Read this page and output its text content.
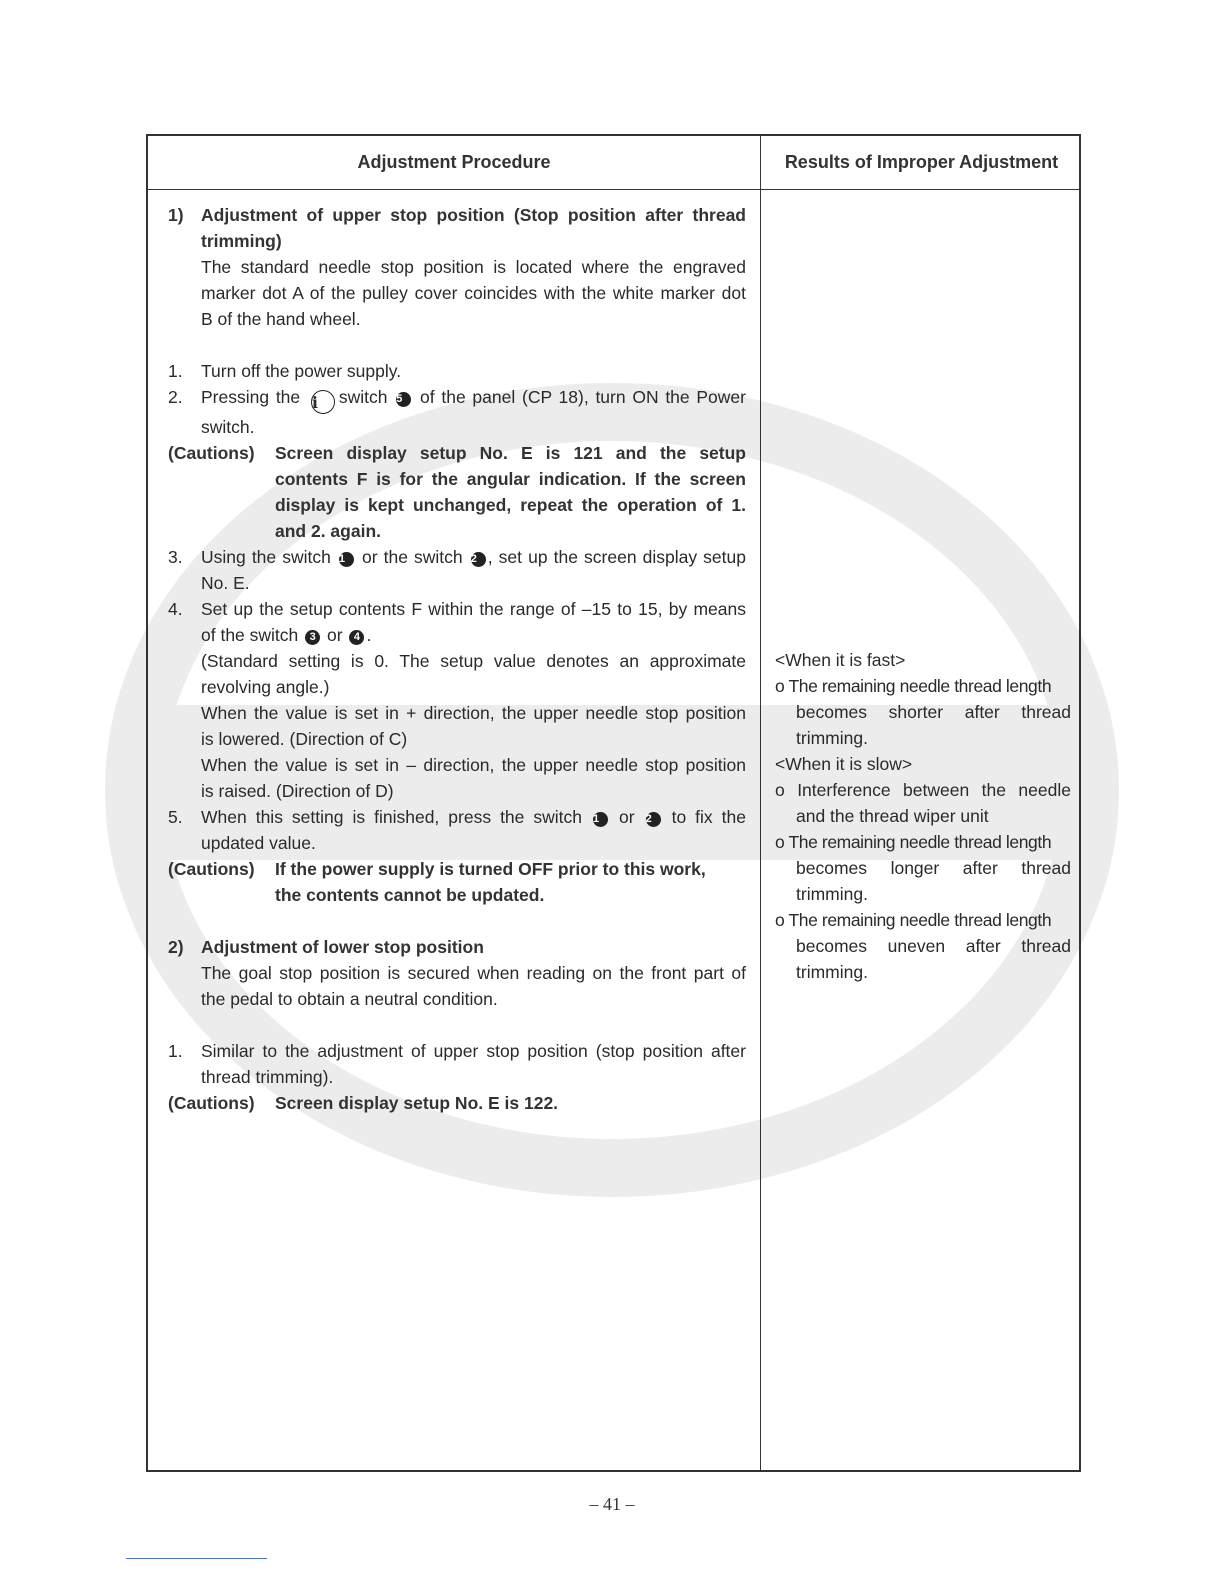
Adjustment Procedure	Results of Improper Adjustment
1) Adjustment of upper stop position (Stop position after thread
trimming)
The standard needle stop position is located where the engraved
marker dot A of the pulley cover coincides with the white marker dot
B of the hand wheel.
1. Turn off the power supply.
2. Pressing the i switch 5 of the panel (CP 18), turn ON the Power
switch.
(Cautions) Screen display setup No. E is 121 and the setup
contents F is for the angular indication. If the screen
display is kept unchanged, repeat the operation of 1.
and 2. again.
3. Using the switch 1 or the switch 2 , set up the screen display setup
No. E.
4. Set up the setup contents F within the range of –15 to 15, by means
of the switch 3 or 4 .
(Standard setting is 0. The setup value denotes an approximate
revolving angle.)
When the value is set in + direction, the upper needle stop position
is lowered. (Direction of C)
When the value is set in – direction, the upper needle stop position
is raised. (Direction of D)
5. When this setting is finished, press the switch 1 or 2 to fix the
updated value.
(Cautions) If the power supply is turned OFF prior to this work,
the contents cannot be updated.
2) Adjustment of lower stop position
The goal stop position is secured when reading on the front part of
the pedal to obtain a neutral condition.
1. Similar to the adjustment of upper stop position (stop position after
thread trimming).
(Cautions) Screen display setup No. E is 122.
<When it is fast>
o The remaining needle thread length
becomes shorter after thread
trimming.
<When it is slow>
o Interference between the needle
and the thread wiper unit
o The remaining needle thread length
becomes longer after thread
trimming.
o The remaining needle thread length
becomes uneven after thread
trimming.
– 41 –
